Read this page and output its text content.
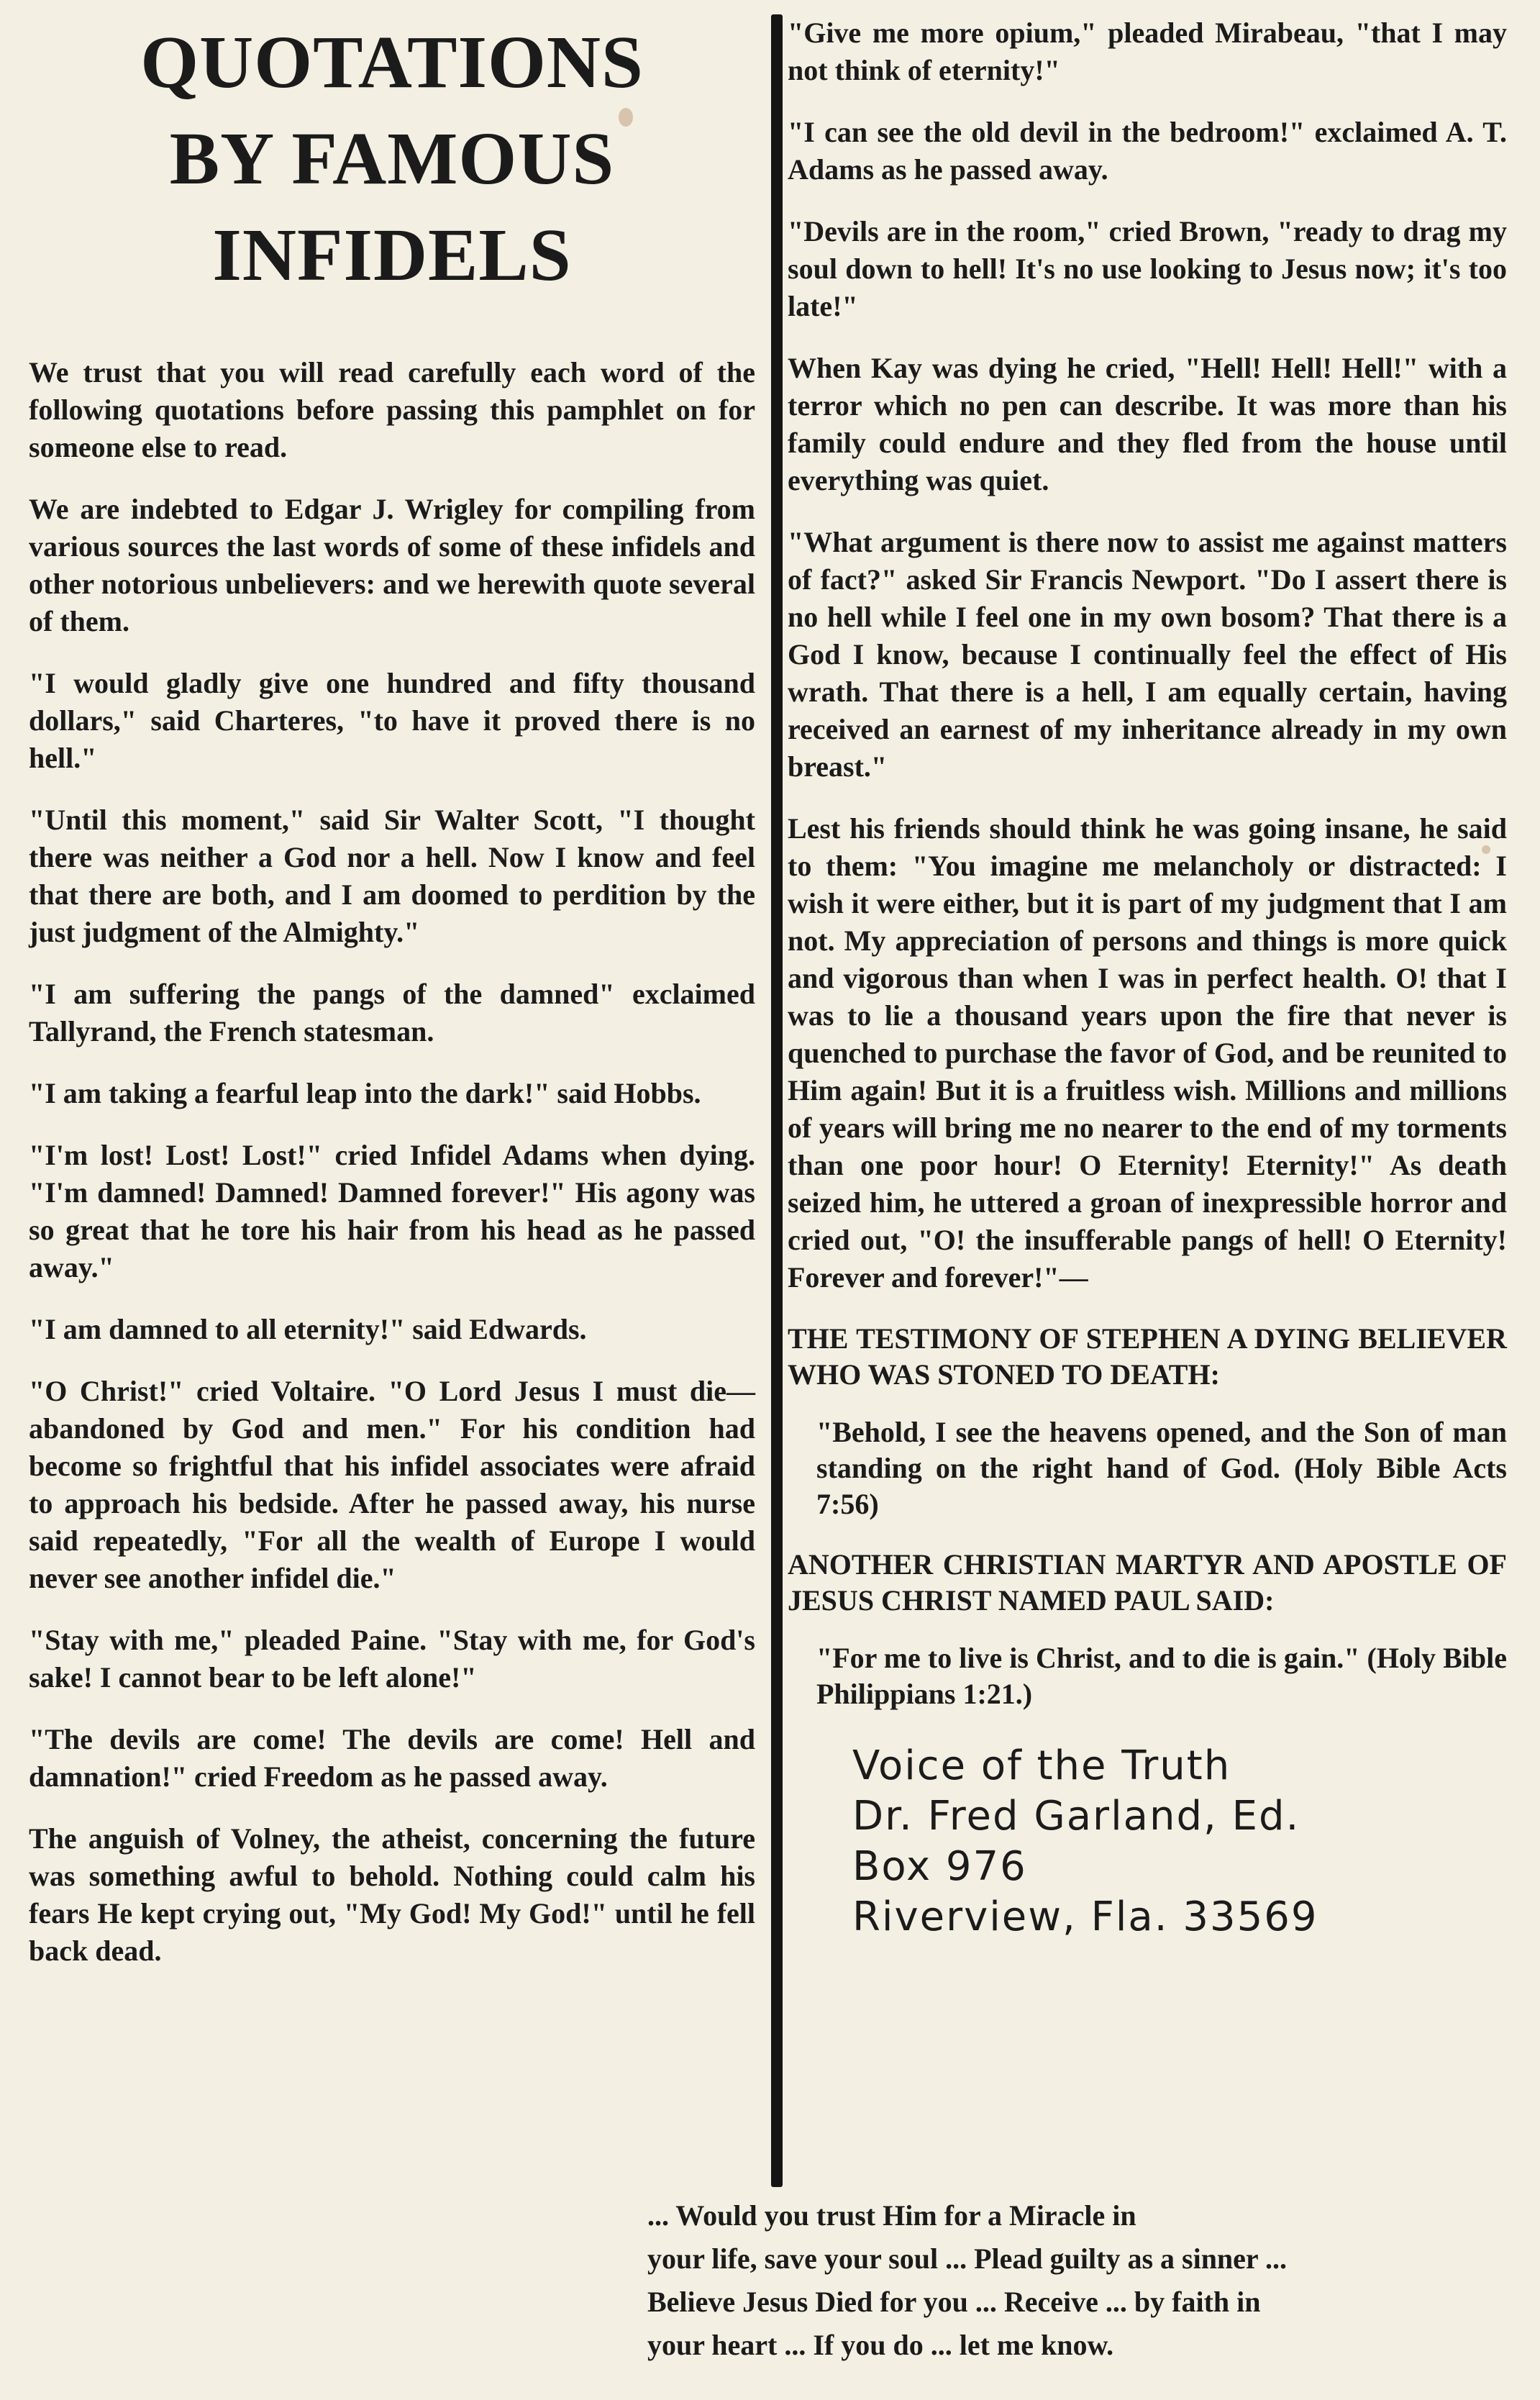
QUOTATIONS
BY FAMOUS
INFIDELS

We trust that you will read carefully each word of the following quotations before passing this pamphlet on for someone else to read.

We are indebted to Edgar J. Wrigley for compiling from various sources the last words of some of these infidels and other notorious unbelievers: and we herewith quote several of them.

"I would gladly give one hundred and fifty thousand dollars," said Charteres, "to have it proved there is no hell."

"Until this moment," said Sir Walter Scott, "I thought there was neither a God nor a hell. Now I know and feel that there are both, and I am doomed to perdition by the just judgment of the Almighty."

"I am suffering the pangs of the damned" exclaimed Tallyrand, the French statesman.

"I am taking a fearful leap into the dark!" said Hobbs.

"I'm lost! Lost! Lost!" cried Infidel Adams when dying. "I'm damned! Damned! Damned forever!" His agony was so great that he tore his hair from his head as he passed away."

"I am damned to all eternity!" said Edwards.

"O Christ!" cried Voltaire. "O Lord Jesus I must die—abandoned by God and men." For his condition had become so frightful that his infidel associates were afraid to approach his bedside. After he passed away, his nurse said repeatedly, "For all the wealth of Europe I would never see another infidel die."

"Stay with me," pleaded Paine. "Stay with me, for God's sake! I cannot bear to be left alone!"

"The devils are come! The devils are come! Hell and damnation!" cried Freedom as he passed away.

The anguish of Volney, the atheist, concerning the future was something awful to behold. Nothing could calm his fears He kept crying out, "My God! My God!" until he fell back dead.

"Give me more opium," pleaded Mirabeau, "that I may not think of eternity!"

"I can see the old devil in the bedroom!" exclaimed A. T. Adams as he passed away.

"Devils are in the room," cried Brown, "ready to drag my soul down to hell! It's no use looking to Jesus now; it's too late!"

When Kay was dying he cried, "Hell! Hell! Hell!" with a terror which no pen can describe. It was more than his family could endure and they fled from the house until everything was quiet.

"What argument is there now to assist me against matters of fact?" asked Sir Francis Newport. "Do I assert there is no hell while I feel one in my own bosom? That there is a God I know, because I continually feel the effect of His wrath. That there is a hell, I am equally certain, having received an earnest of my inheritance already in my own breast."

Lest his friends should think he was going insane, he said to them: "You imagine me melancholy or distracted: I wish it were either, but it is part of my judgment that I am not. My appreciation of persons and things is more quick and vigorous than when I was in perfect health. O! that I was to lie a thousand years upon the fire that never is quenched to purchase the favor of God, and be reunited to Him again! But it is a fruitless wish. Millions and millions of years will bring me no nearer to the end of my torments than one poor hour! O Eternity! Eternity!" As death seized him, he uttered a groan of inexpressible horror and cried out, "O! the insufferable pangs of hell! O Eternity! Forever and forever!"—

THE TESTIMONY OF STEPHEN A DYING BELIEVER WHO WAS STONED TO DEATH:

"Behold, I see the heavens opened, and the Son of man standing on the right hand of God. (Holy Bible Acts 7:56)

ANOTHER CHRISTIAN MARTYR AND APOSTLE OF JESUS CHRIST NAMED PAUL SAID:

"For me to live is Christ, and to die is gain." (Holy Bible Philippians 1:21.)

Voice of the Truth
Dr. Fred Garland, Ed.
Box 976
Riverview, Fla. 33569
... Would you trust Him for a Miracle in
your life, save your soul ... Plead guilty as a sinner ...
Believe Jesus Died for you ... Receive ... by faith in
your heart ... If you do ... let me know.
